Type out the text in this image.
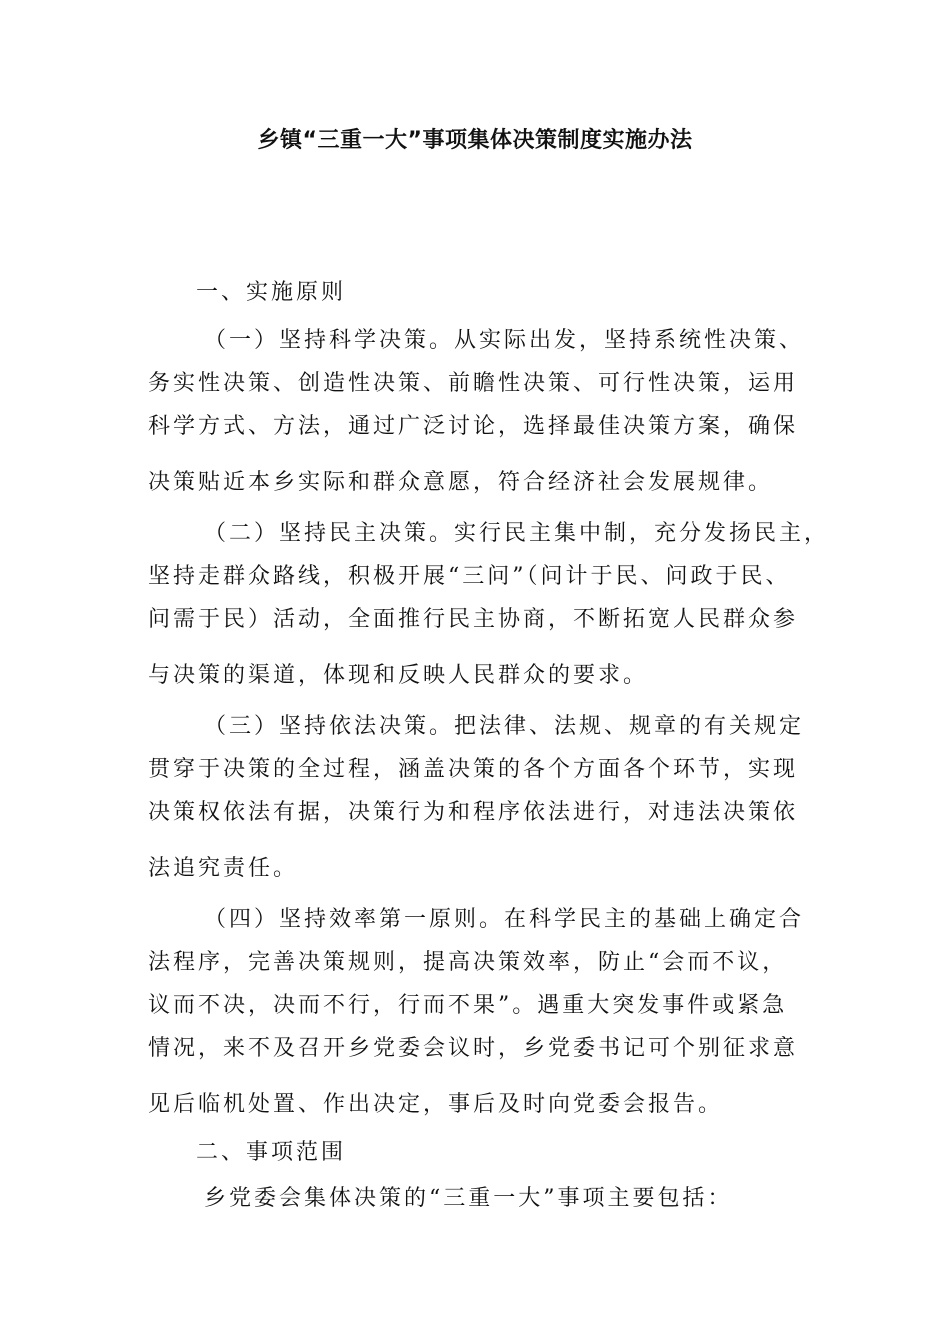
乡镇“三重一大”事项集体决策制度实施办法
一、实施原则
（一）坚持科学决策。从实际出发，坚持系统性决策、
务实性决策、创造性决策、前瞻性决策、可行性决策，运用
科学方式、方法，通过广泛讨论，选择最佳决策方案，确保
决策贴近本乡实际和群众意愿，符合经济社会发展规律。
（二）坚持民主决策。实行民主集中制，充分发扬民主，
坚持走群众路线，积极开展“三问”（问计于民、问政于民、
问需于民）活动，全面推行民主协商，不断拓宽人民群众参
与决策的渠道，体现和反映人民群众的要求。
（三）坚持依法决策。把法律、法规、规章的有关规定
贯穿于决策的全过程，涵盖决策的各个方面各个环节，实现
决策权依法有据，决策行为和程序依法进行，对违法决策依
法追究责任。
（四）坚持效率第一原则。在科学民主的基础上确定合
法程序，完善决策规则，提高决策效率，防止“会而不议，
议而不决，决而不行，行而不果”。遇重大突发事件或紧急
情况，来不及召开乡党委会议时，乡党委书记可个别征求意
见后临机处置、作出决定，事后及时向党委会报告。
二、事项范围
乡党委会集体决策的“三重一大”事项主要包括：
